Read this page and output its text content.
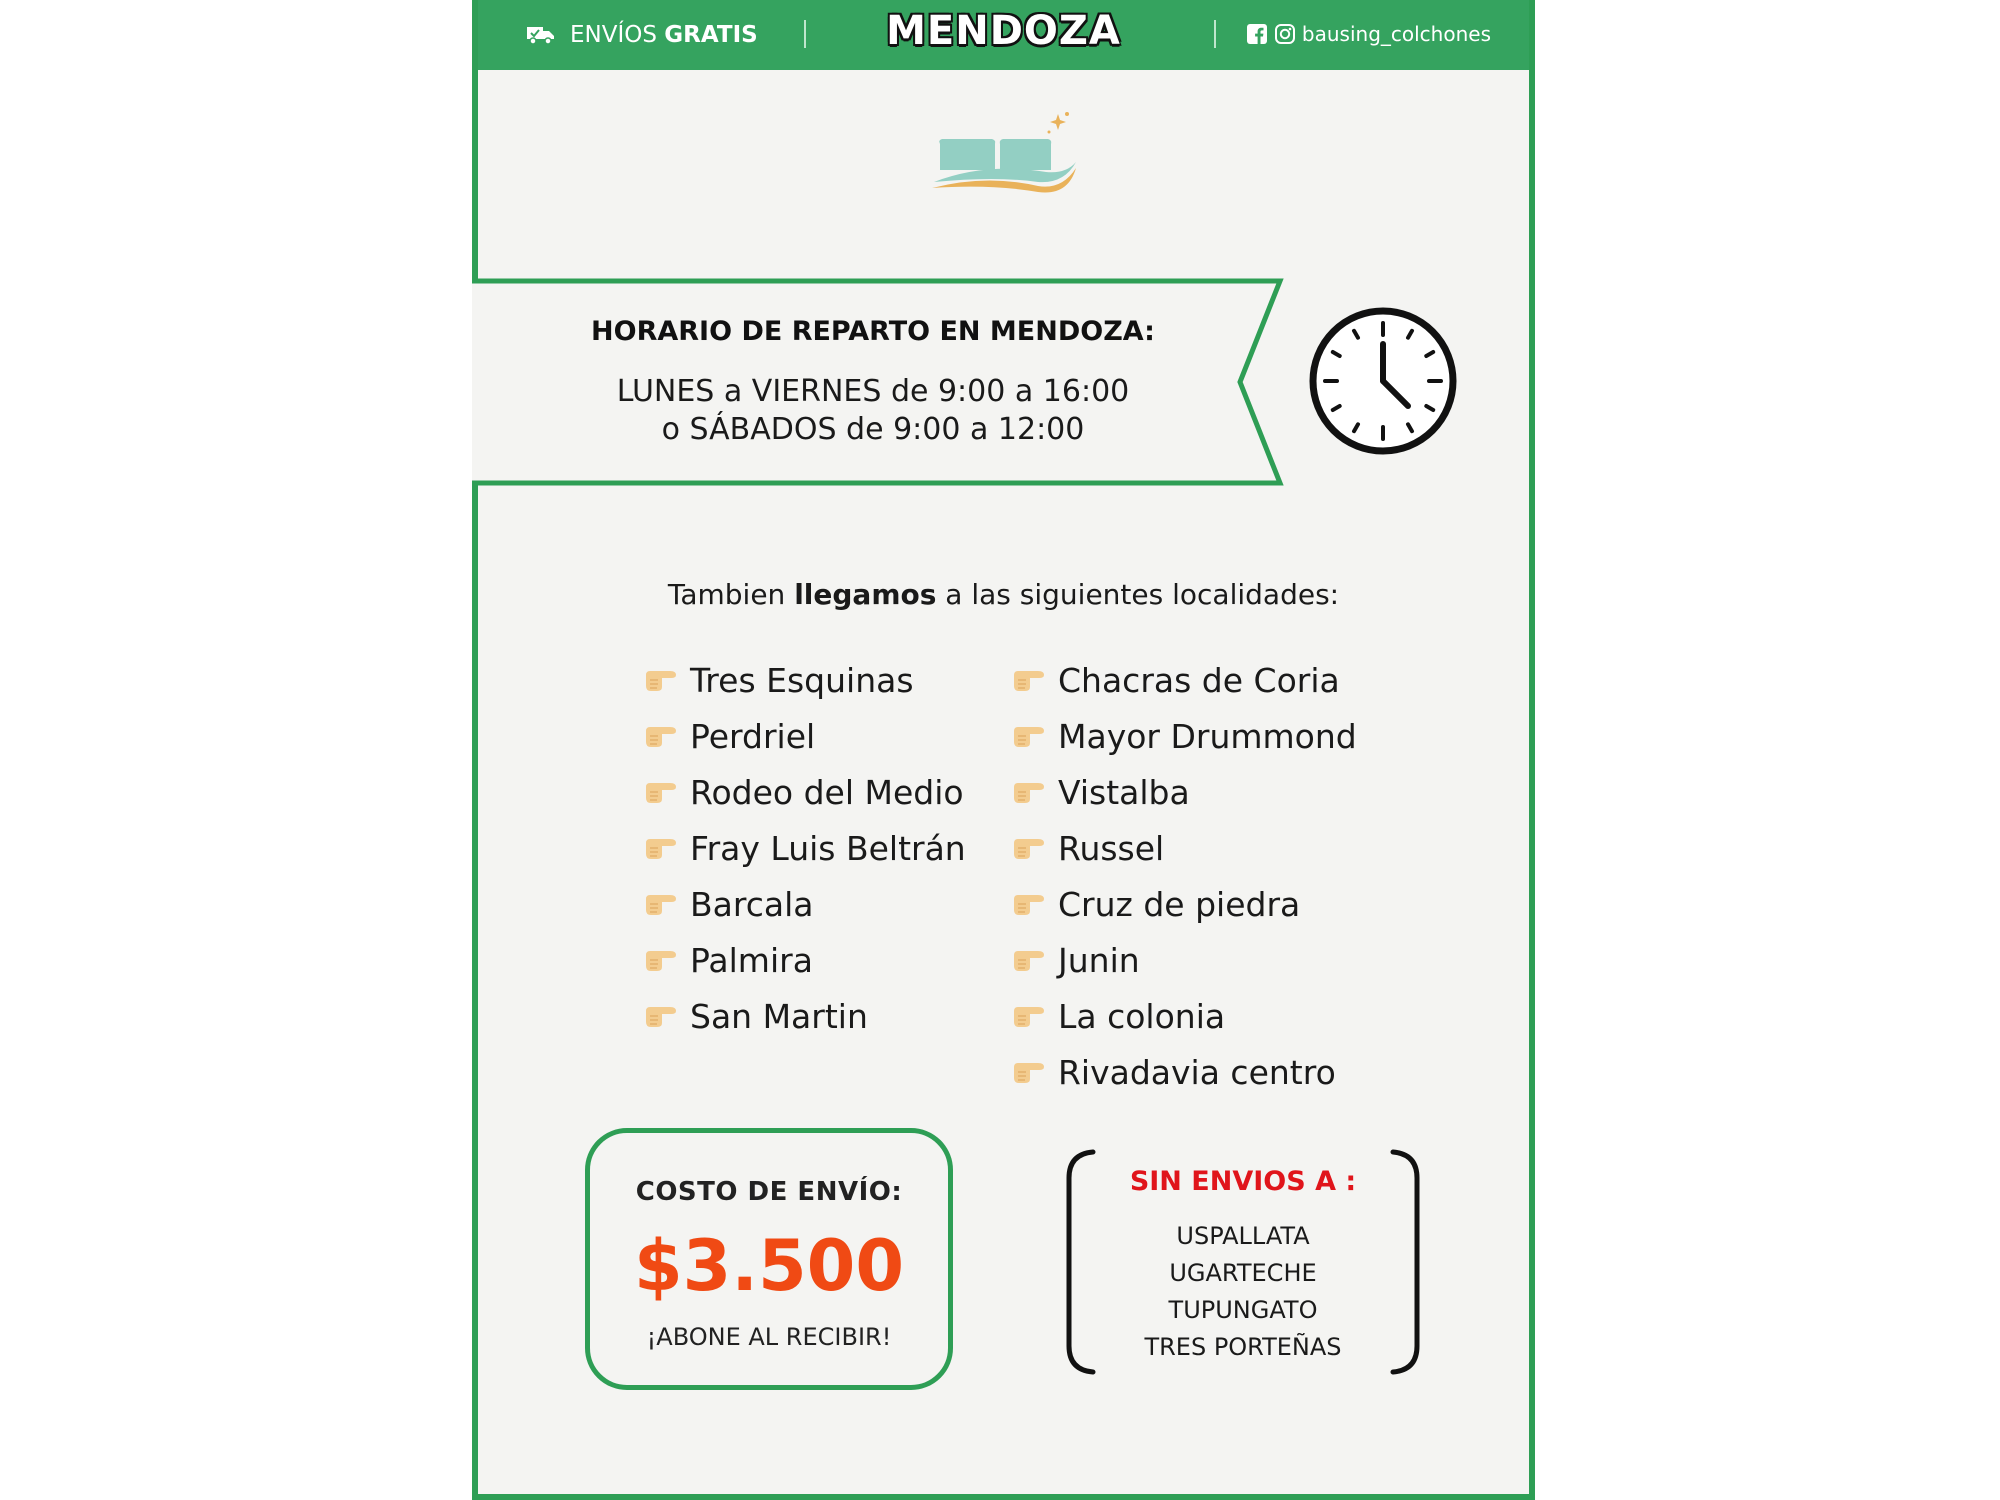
ENVÍOS GRATIS	MENDOZA	bausing_colchones
HORARIO DE REPARTO EN MENDOZA:
LUNES a VIERNES de 9:00 a 16:00
o SÁBADOS de 9:00 a 12:00
Tambien llegamos a las siguientes localidades:
Tres Esquinas
Perdriel
Rodeo del Medio
Fray Luis Beltrán
Barcala
Palmira
San Martin
Chacras de Coria
Mayor Drummond
Vistalba
Russel
Cruz de piedra
Junin
La colonia
Rivadavia centro
COSTO DE ENVÍO:
$3.500
¡ABONE AL RECIBIR!
SIN ENVIOS A :
USPALLATA
UGARTECHE
TUPUNGATO
TRES PORTEÑAS
